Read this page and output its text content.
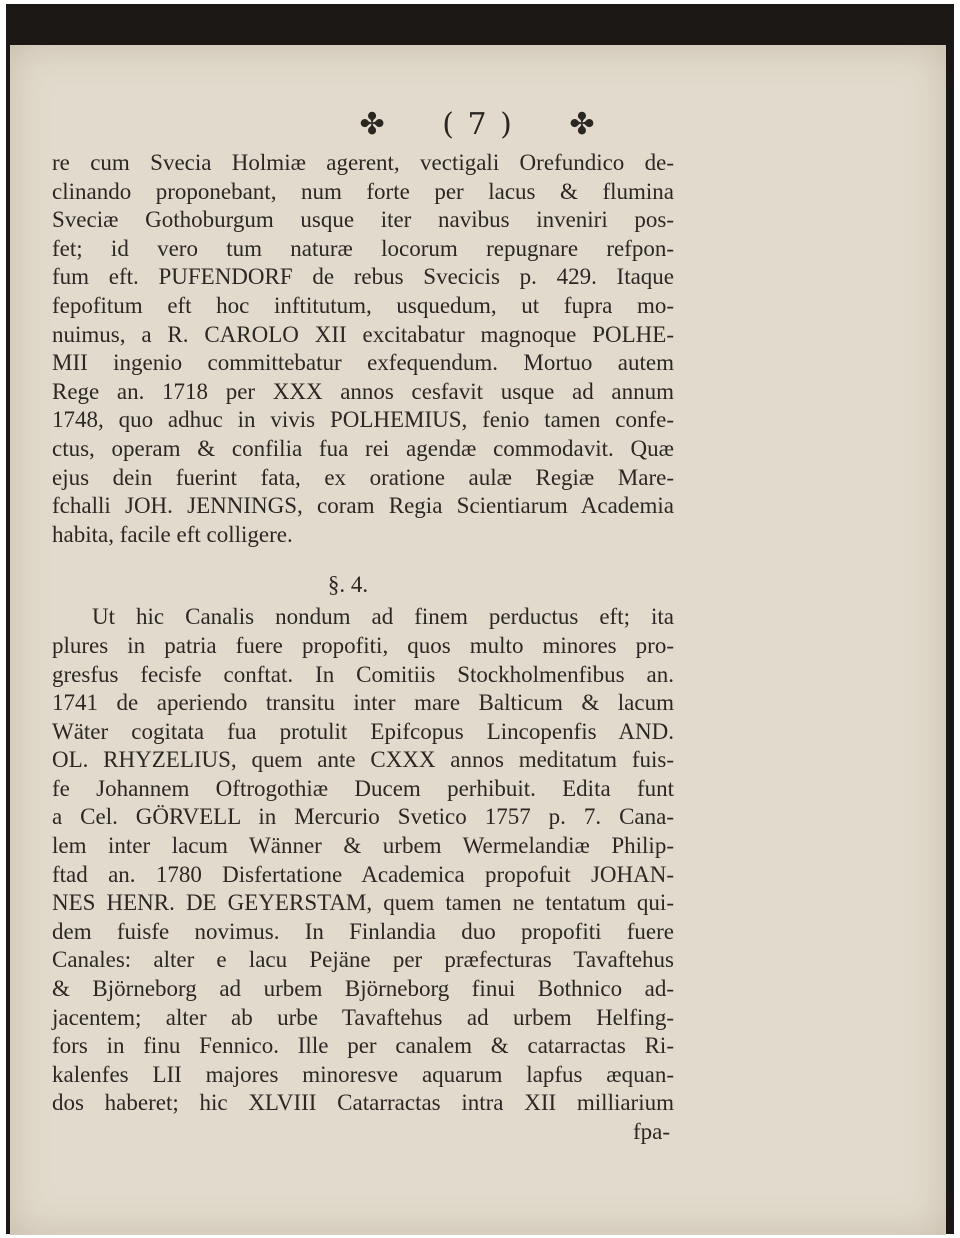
✤ ( 7 ) ✤
re cum Svecia Holmiæ agerent, vectigali Orefundico de-
clinando proponebant, num forte per lacus & flumina
Sveciæ Gothoburgum usque iter navibus inveniri pos-
fet; id vero tum naturæ locorum repugnare refpon-
fum eft. PUFENDORF de rebus Svecicis p. 429. Itaque
fepofitum eft hoc inftitutum, usquedum, ut fupra mo-
nuimus, a R. CAROLO XII excitabatur magnoque POLHE-
MII ingenio committebatur exfequendum. Mortuo autem
Rege an. 1718 per XXX annos cesfavit usque ad annum
1748, quo adhuc in vivis POLHEMIUS, fenio tamen confe-
ctus, operam & confilia fua rei agendæ commodavit. Quæ
ejus dein fuerint fata, ex oratione aulæ Regiæ Mare-
fchalli JOH. JENNINGS, coram Regia Scientiarum Academia
habita, facile eft colligere.
§. 4.
Ut hic Canalis nondum ad finem perductus eft; ita
plures in patria fuere propofiti, quos multo minores pro-
gresfus fecisfe conftat. In Comitiis Stockholmenfibus an.
1741 de aperiendo transitu inter mare Balticum & lacum
Wäter cogitata fua protulit Epifcopus Lincopenfis AND.
OL. RHYZELIUS, quem ante CXXX annos meditatum fuis-
fe Johannem Oftrogothiæ Ducem perhibuit. Edita funt
a Cel. GÖRVELL in Mercurio Svetico 1757 p. 7. Cana-
lem inter lacum Wänner & urbem Wermelandiæ Philip-
ftad an. 1780 Disfertatione Academica propofuit JOHAN-
NES HENR. DE GEYERSTAM, quem tamen ne tentatum qui-
dem fuisfe novimus. In Finlandia duo propofiti fuere
Canales: alter e lacu Pejäne per præfecturas Tavaftehus
& Björneborg ad urbem Björneborg finui Bothnico ad-
jacentem; alter ab urbe Tavaftehus ad urbem Helfing-
fors in finu Fennico. Ille per canalem & catarractas Ri-
kalenfes LII majores minoresve aquarum lapfus æquan-
dos haberet; hic XLVIII Catarractas intra XII milliarium
fpa-
